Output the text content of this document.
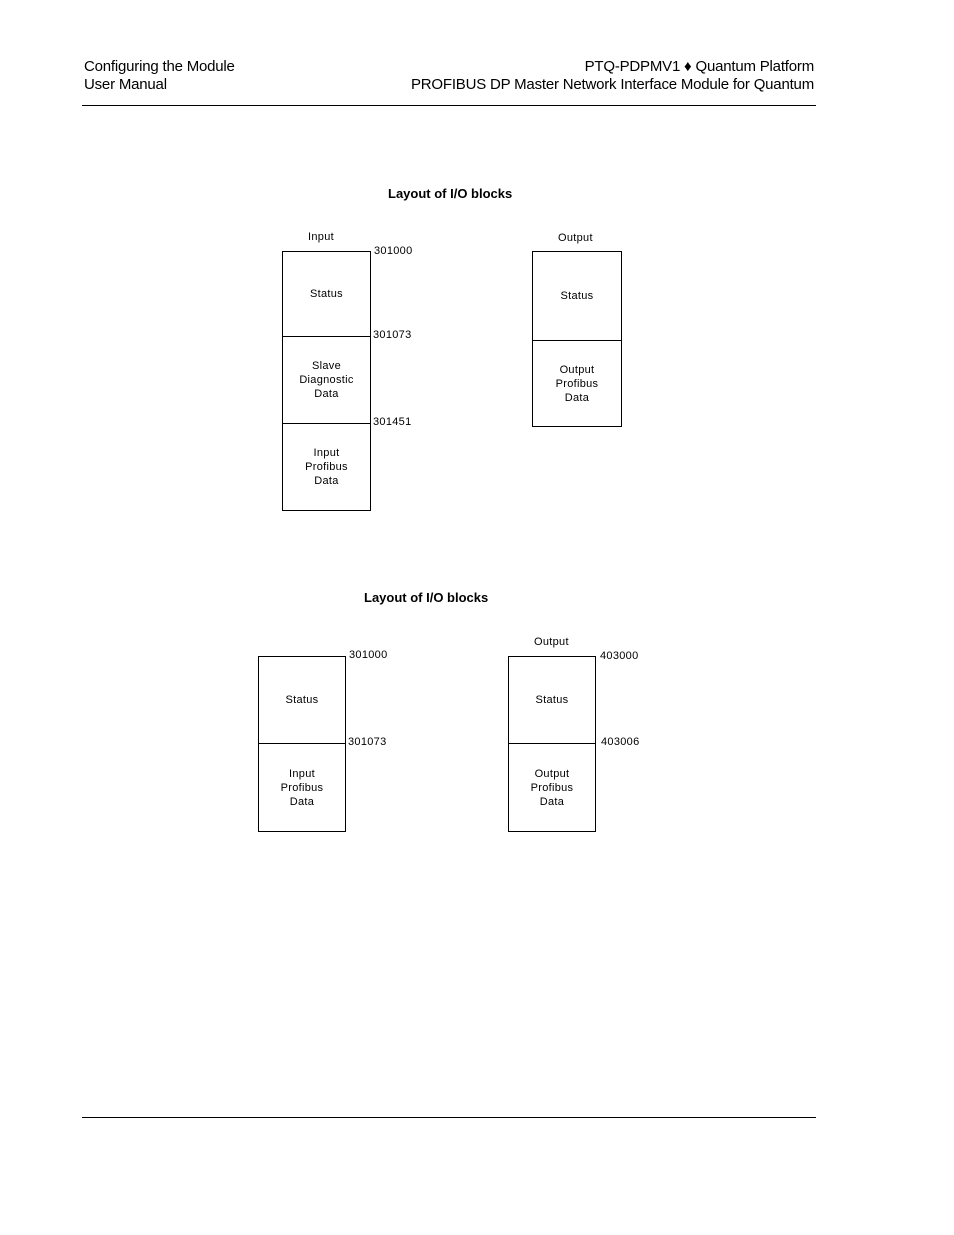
Configuring the Module
User Manual
PTQ-PDPMV1 ♦ Quantum Platform
PROFIBUS DP Master Network Interface Module for Quantum
Layout of I/O blocks
Input	Output
Status
Slave
Diagnostic
Data
Input
Profibus
Data
301000
301073
301451
Status
Output
Profibus
Data
Layout of I/O blocks
Output
Status
Input
Profibus
Data
301000
301073
Status
Output
Profibus
Data
403000
403006
